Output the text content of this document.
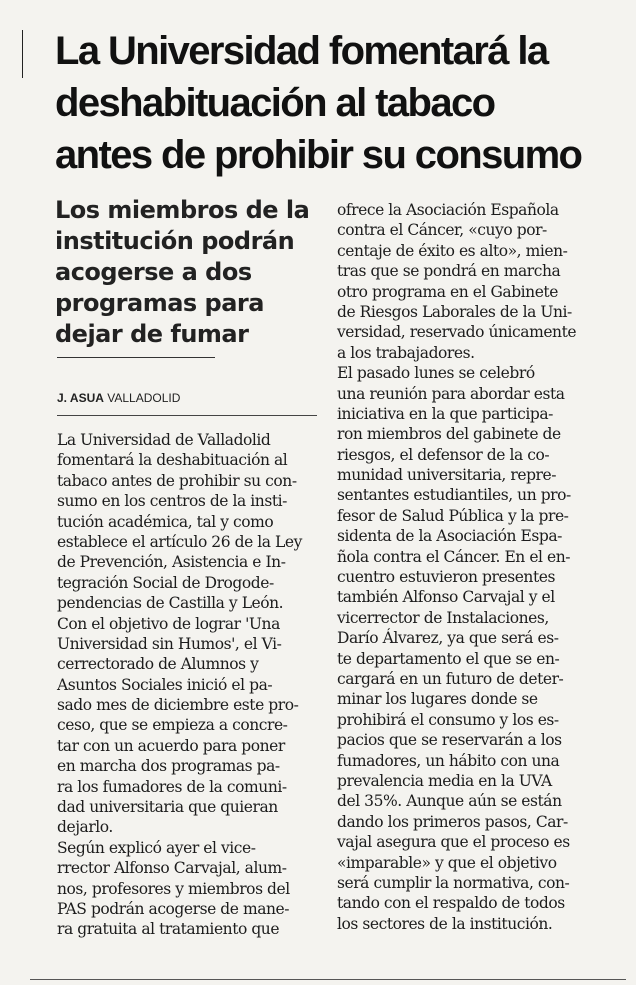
La Universidad fomentará la
deshabituación al tabaco
antes de prohibir su consumo
Los miembros de la
institución podrán
acogerse a dos
programas para
dejar de fumar
J. ASUA VALLADOLID
La Universidad de Valladolid
fomentará la deshabituación al
tabaco antes de prohibir su con-
sumo en los centros de la insti-
tución académica, tal y como
establece el artículo 26 de la Ley
de Prevención, Asistencia e In-
tegración Social de Drogode-
pendencias de Castilla y León.
Con el objetivo de lograr 'Una
Universidad sin Humos', el Vi-
cerrectorado de Alumnos y
Asuntos Sociales inició el pa-
sado mes de diciembre este pro-
ceso, que se empieza a concre-
tar con un acuerdo para poner
en marcha dos programas pa-
ra los fumadores de la comuni-
dad universitaria que quieran
dejarlo.
Según explicó ayer el vice-
rrector Alfonso Carvajal, alum-
nos, profesores y miembros del
PAS podrán acogerse de mane-
ra gratuita al tratamiento que
ofrece la Asociación Española
contra el Cáncer, «cuyo por-
centaje de éxito es alto», mien-
tras que se pondrá en marcha
otro programa en el Gabinete
de Riesgos Laborales de la Uni-
versidad, reservado únicamente
a los trabajadores.
El pasado lunes se celebró
una reunión para abordar esta
iniciativa en la que participa-
ron miembros del gabinete de
riesgos, el defensor de la co-
munidad universitaria, repre-
sentantes estudiantiles, un pro-
fesor de Salud Pública y la pre-
sidenta de la Asociación Espa-
ñola contra el Cáncer. En el en-
cuentro estuvieron presentes
también Alfonso Carvajal y el
vicerrector de Instalaciones,
Darío Álvarez, ya que será es-
te departamento el que se en-
cargará en un futuro de deter-
minar los lugares donde se
prohibirá el consumo y los es-
pacios que se reservarán a los
fumadores, un hábito con una
prevalencia media en la UVA
del 35%. Aunque aún se están
dando los primeros pasos, Car-
vajal asegura que el proceso es
«imparable» y que el objetivo
será cumplir la normativa, con-
tando con el respaldo de todos
los sectores de la institución.
